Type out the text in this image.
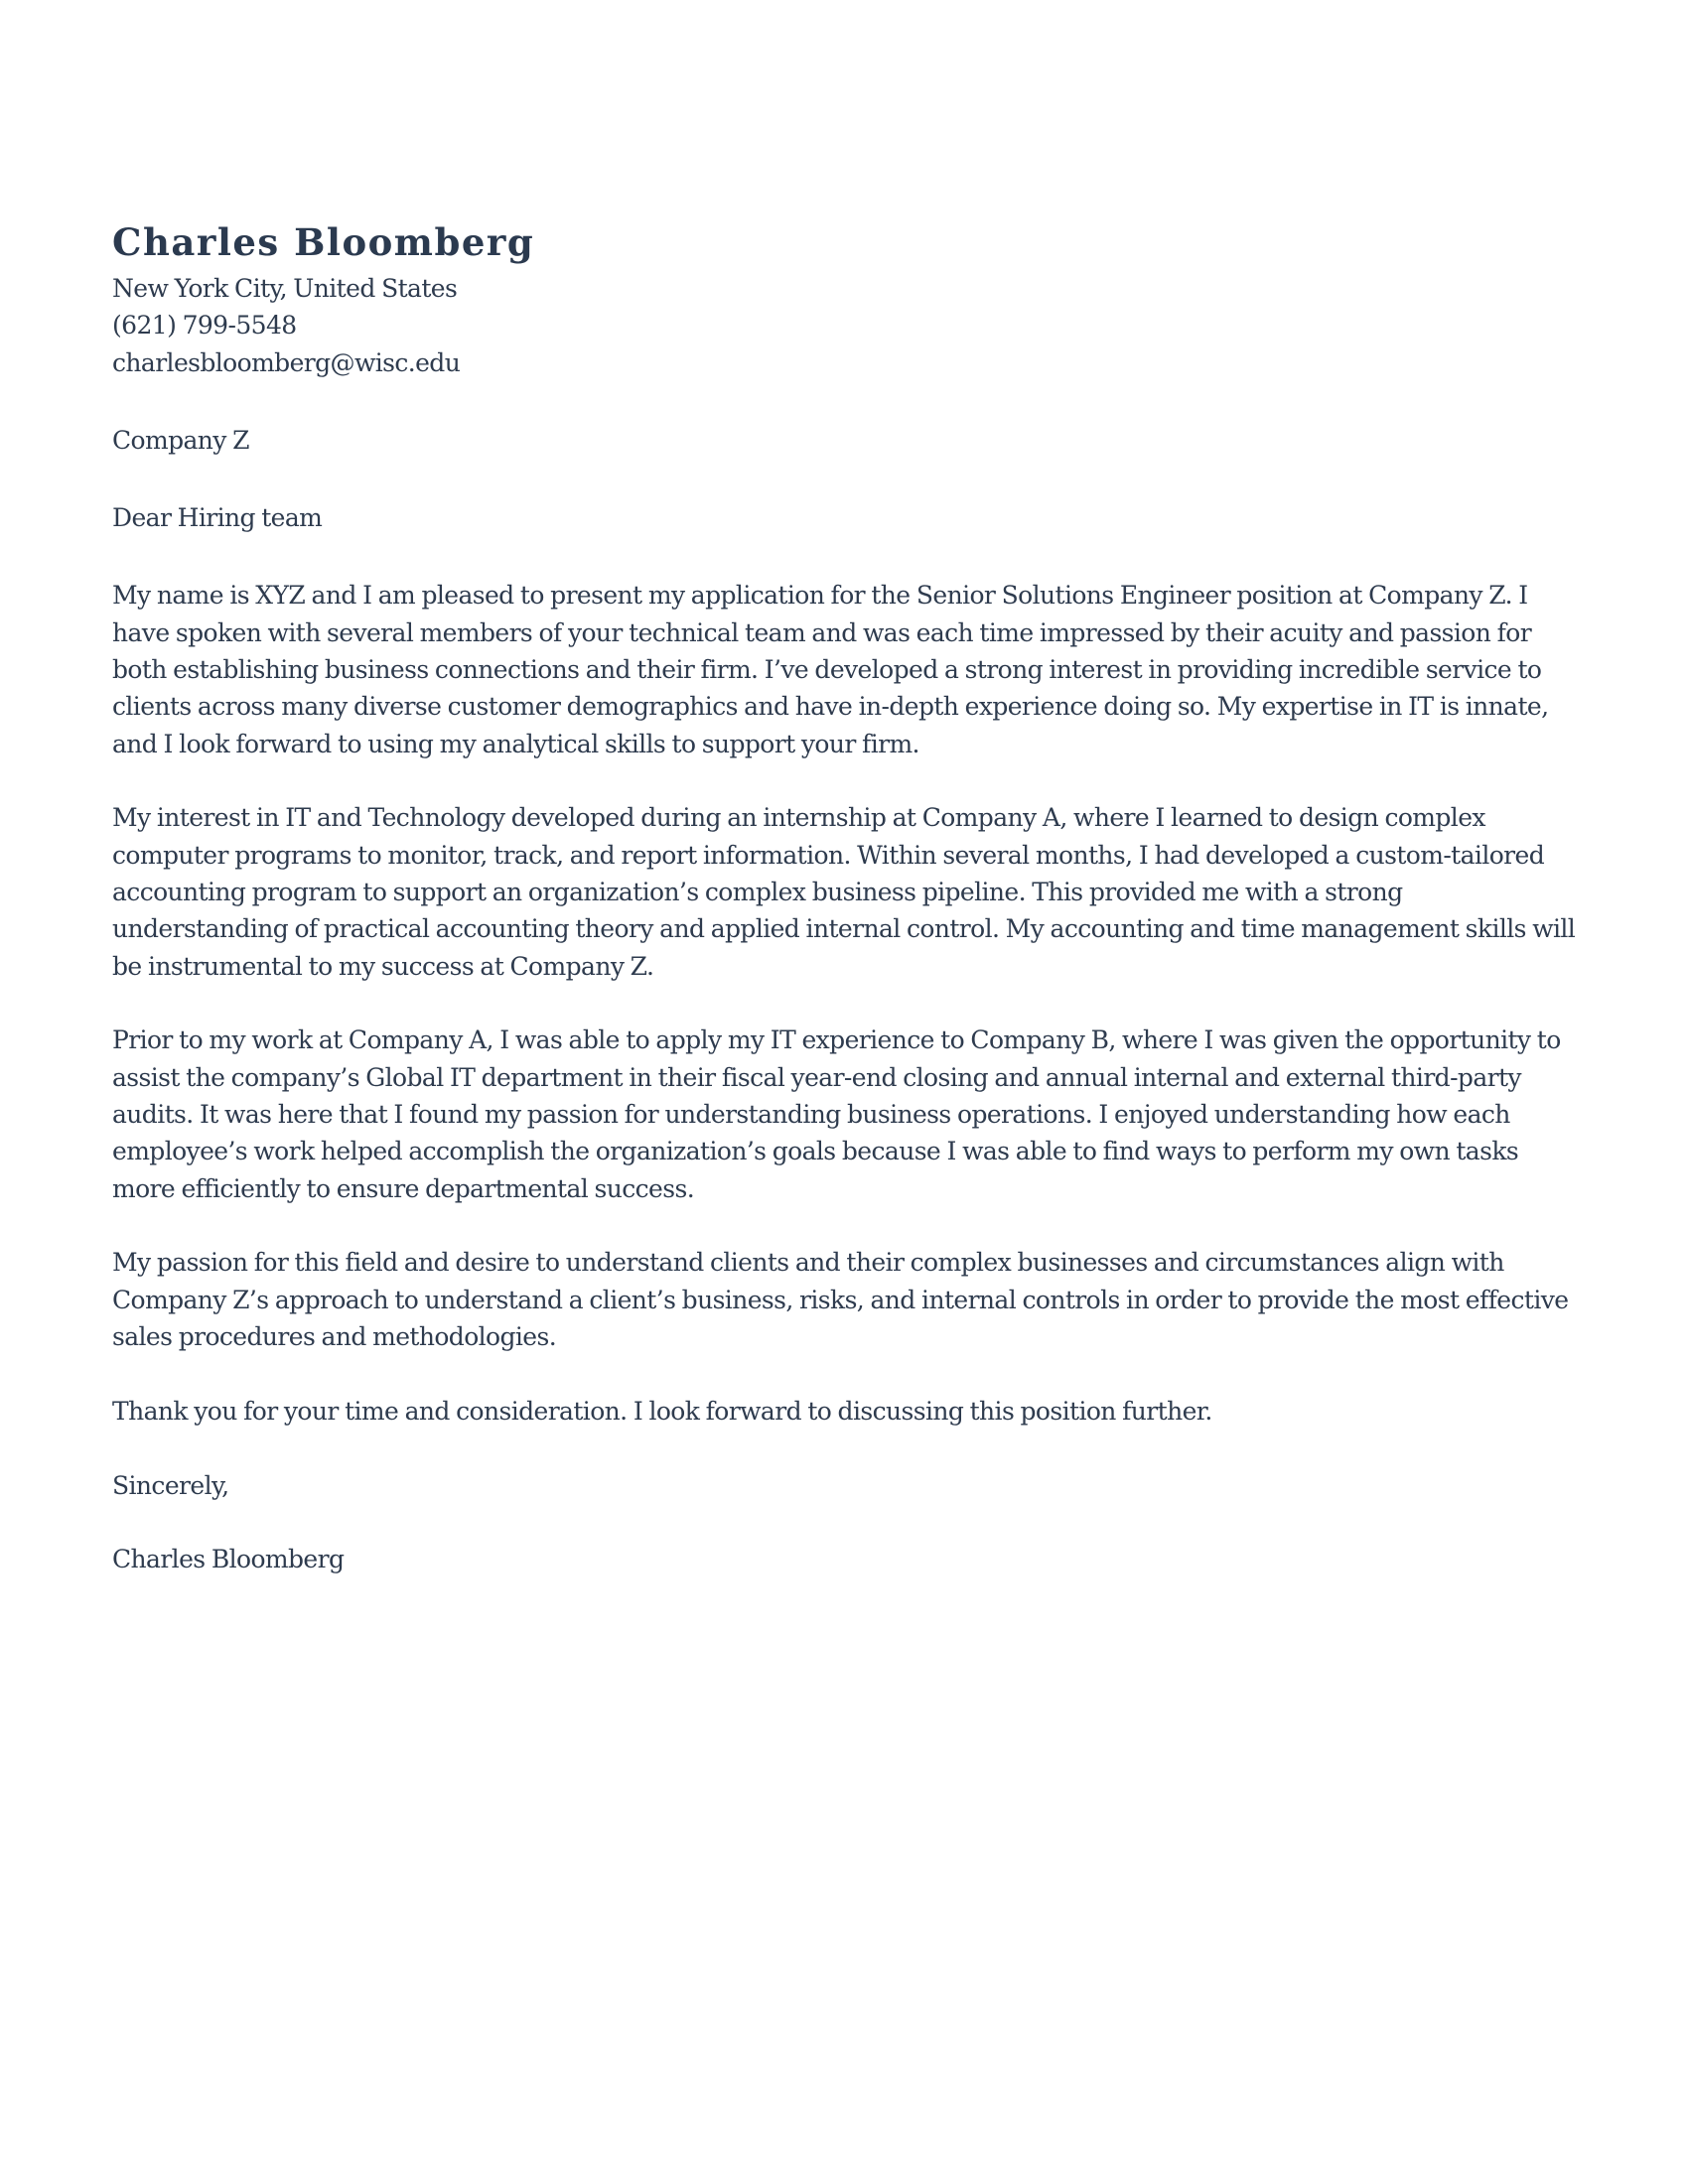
Charles Bloomberg
New York City, United States
(621) 799-5548
charlesbloomberg@wisc.edu
Company Z
Dear Hiring team

My name is XYZ and I am pleased to present my application for the Senior Solutions Engineer position at Company Z. I have spoken with several members of your technical team and was each time impressed by their acuity and passion for both establishing business connections and their firm. I’ve developed a strong interest in providing incredible service to clients across many diverse customer demographics and have in-depth experience doing so. My expertise in IT is innate, and I look forward to using my analytical skills to support your firm.

My interest in IT and Technology developed during an internship at Company A, where I learned to design complex computer programs to monitor, track, and report information. Within several months, I had developed a custom-tailored accounting program to support an organization’s complex business pipeline. This provided me with a strong understanding of practical accounting theory and applied internal control. My accounting and time management skills will be instrumental to my success at Company Z.

Prior to my work at Company A, I was able to apply my IT experience to Company B, where I was given the opportunity to assist the company’s Global IT department in their fiscal year-end closing and annual internal and external third-party audits. It was here that I found my passion for understanding business operations. I enjoyed understanding how each employee’s work helped accomplish the organization’s goals because I was able to find ways to perform my own tasks more efficiently to ensure departmental success.

My passion for this field and desire to understand clients and their complex businesses and circumstances align with Company Z’s approach to understand a client’s business, risks, and internal controls in order to provide the most effective sales procedures and methodologies.

Thank you for your time and consideration. I look forward to discussing this position further.

Sincerely,

Charles Bloomberg
